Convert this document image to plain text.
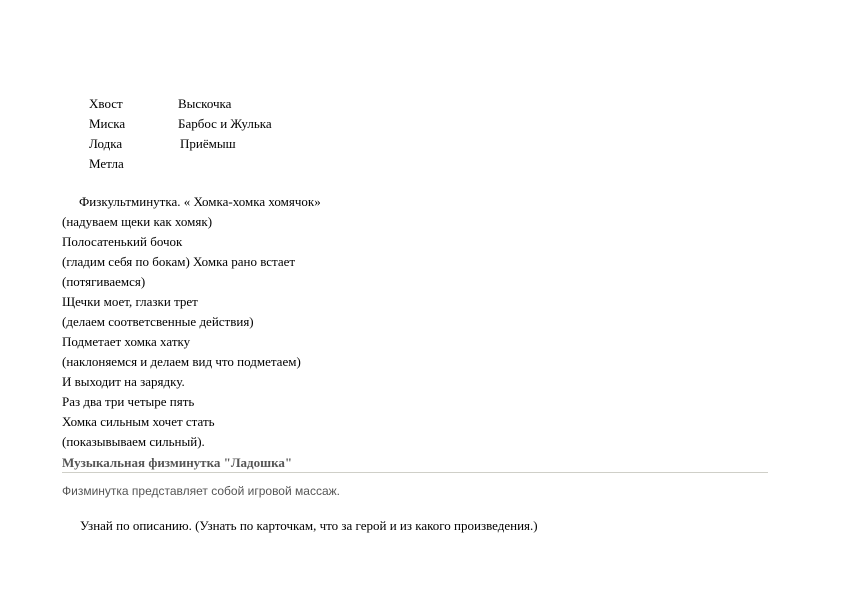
Хвост
Миска
Лодка
Метла
Выскочка
Барбос и Жулька
Приёмыш
Физкультминутка. « Хомка-хомка хомячок»
(надуваем щеки как хомяк)
Полосатенький бочок
(гладим себя по бокам) Хомка рано встает
(потягиваемся)
Щечки моет, глазки трет
(делаем соответсвенные действия)
Подметает хомка хатку
(наклоняемся и делаем вид что подметаем)
И выходит на зарядку.
Раз два три четыре пять
Хомка сильным хочет стать
(показывываем сильный).
Музыкальная физминутка "Ладошка"
Физминутка представляет собой игровой массаж.
Узнай по описанию. (Узнать по карточкам, что за герой и из какого произведения.)
